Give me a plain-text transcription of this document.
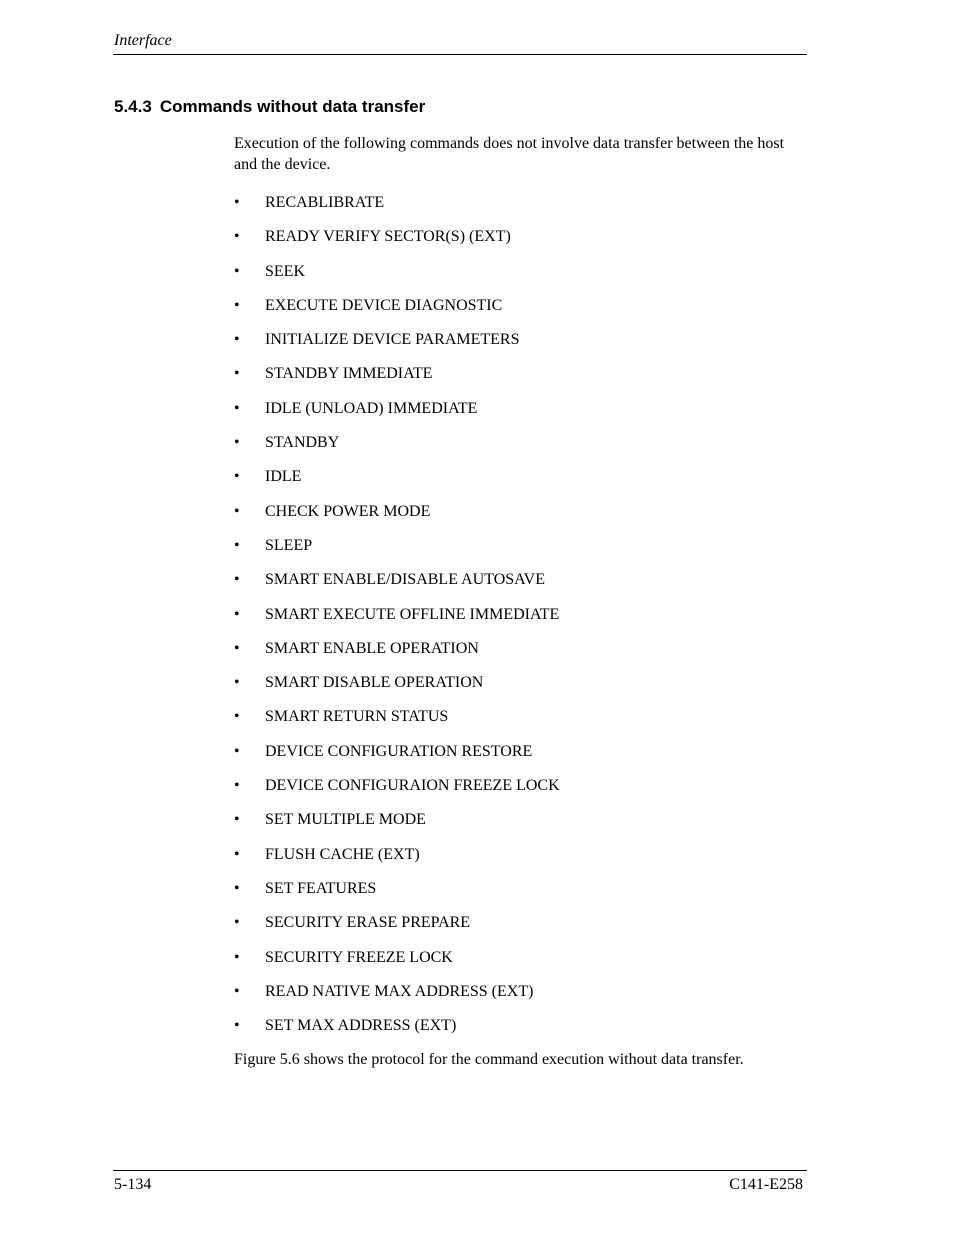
Interface
5.4.3 Commands without data transfer
Execution of the following commands does not involve data transfer between the host and the device.
• RECABLIBRATE
• READY VERIFY SECTOR(S) (EXT)
• SEEK
• EXECUTE DEVICE DIAGNOSTIC
• INITIALIZE DEVICE PARAMETERS
• STANDBY IMMEDIATE
• IDLE (UNLOAD) IMMEDIATE
• STANDBY
• IDLE
• CHECK POWER MODE
• SLEEP
• SMART ENABLE/DISABLE AUTOSAVE
• SMART EXECUTE OFFLINE IMMEDIATE
• SMART ENABLE OPERATION
• SMART DISABLE OPERATION
• SMART RETURN STATUS
• DEVICE CONFIGURATION RESTORE
• DEVICE CONFIGURAION FREEZE LOCK
• SET MULTIPLE MODE
• FLUSH CACHE (EXT)
• SET FEATURES
• SECURITY ERASE PREPARE
• SECURITY FREEZE LOCK
• READ NATIVE MAX ADDRESS (EXT)
• SET MAX ADDRESS (EXT)
Figure 5.6 shows the protocol for the command execution without data transfer.
5-134	C141-E258
